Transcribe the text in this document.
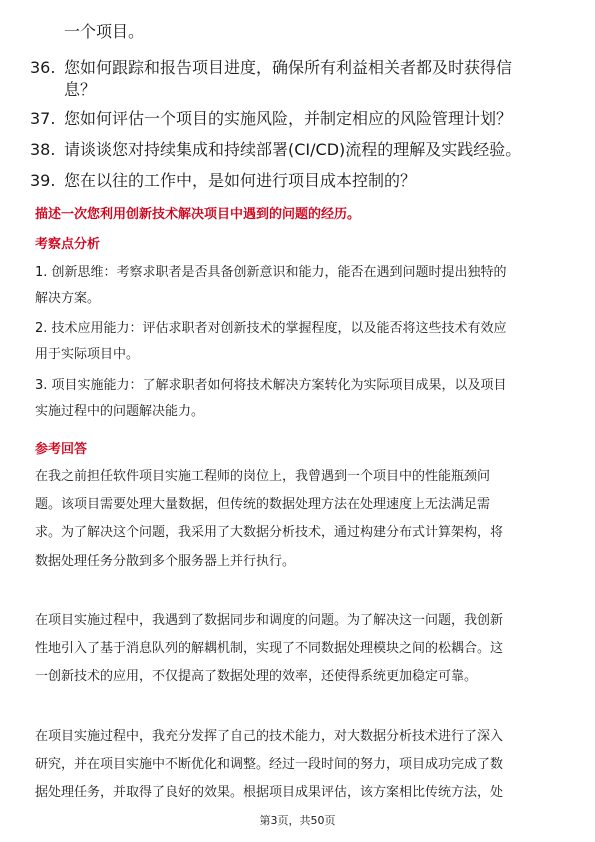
一个项目。
36. 您如何跟踪和报告项目进度，确保所有利益相关者都及时获得信
息？
37. 您如何评估一个项目的实施风险，并制定相应的风险管理计划？
38. 请谈谈您对持续集成和持续部署(CI/CD)流程的理解及实践经验。
39. 您在以往的工作中，是如何进行项目成本控制的？
描述一次您利用创新技术解决项目中遇到的问题的经历。
考察点分析
1. 创新思维：考察求职者是否具备创新意识和能力，能否在遇到问题时提出独特的
解决方案。
2. 技术应用能力：评估求职者对创新技术的掌握程度，以及能否将这些技术有效应
用于实际项目中。
3. 项目实施能力：了解求职者如何将技术解决方案转化为实际项目成果，以及项目
实施过程中的问题解决能力。
参考回答
在我之前担任软件项目实施工程师的岗位上，我曾遇到一个项目中的性能瓶颈问
题。该项目需要处理大量数据，但传统的数据处理方法在处理速度上无法满足需
求。为了解决这个问题，我采用了大数据分析技术，通过构建分布式计算架构，将
数据处理任务分散到多个服务器上并行执行。
在项目实施过程中，我遇到了数据同步和调度的问题。为了解决这一问题，我创新
性地引入了基于消息队列的解耦机制，实现了不同数据处理模块之间的松耦合。这
一创新技术的应用，不仅提高了数据处理的效率，还使得系统更加稳定可靠。
在项目实施过程中，我充分发挥了自己的技术能力，对大数据分析技术进行了深入
研究，并在项目实施中不断优化和调整。经过一段时间的努力，项目成功完成了数
据处理任务，并取得了良好的效果。根据项目成果评估，该方案相比传统方法，处
第3页，共50页
